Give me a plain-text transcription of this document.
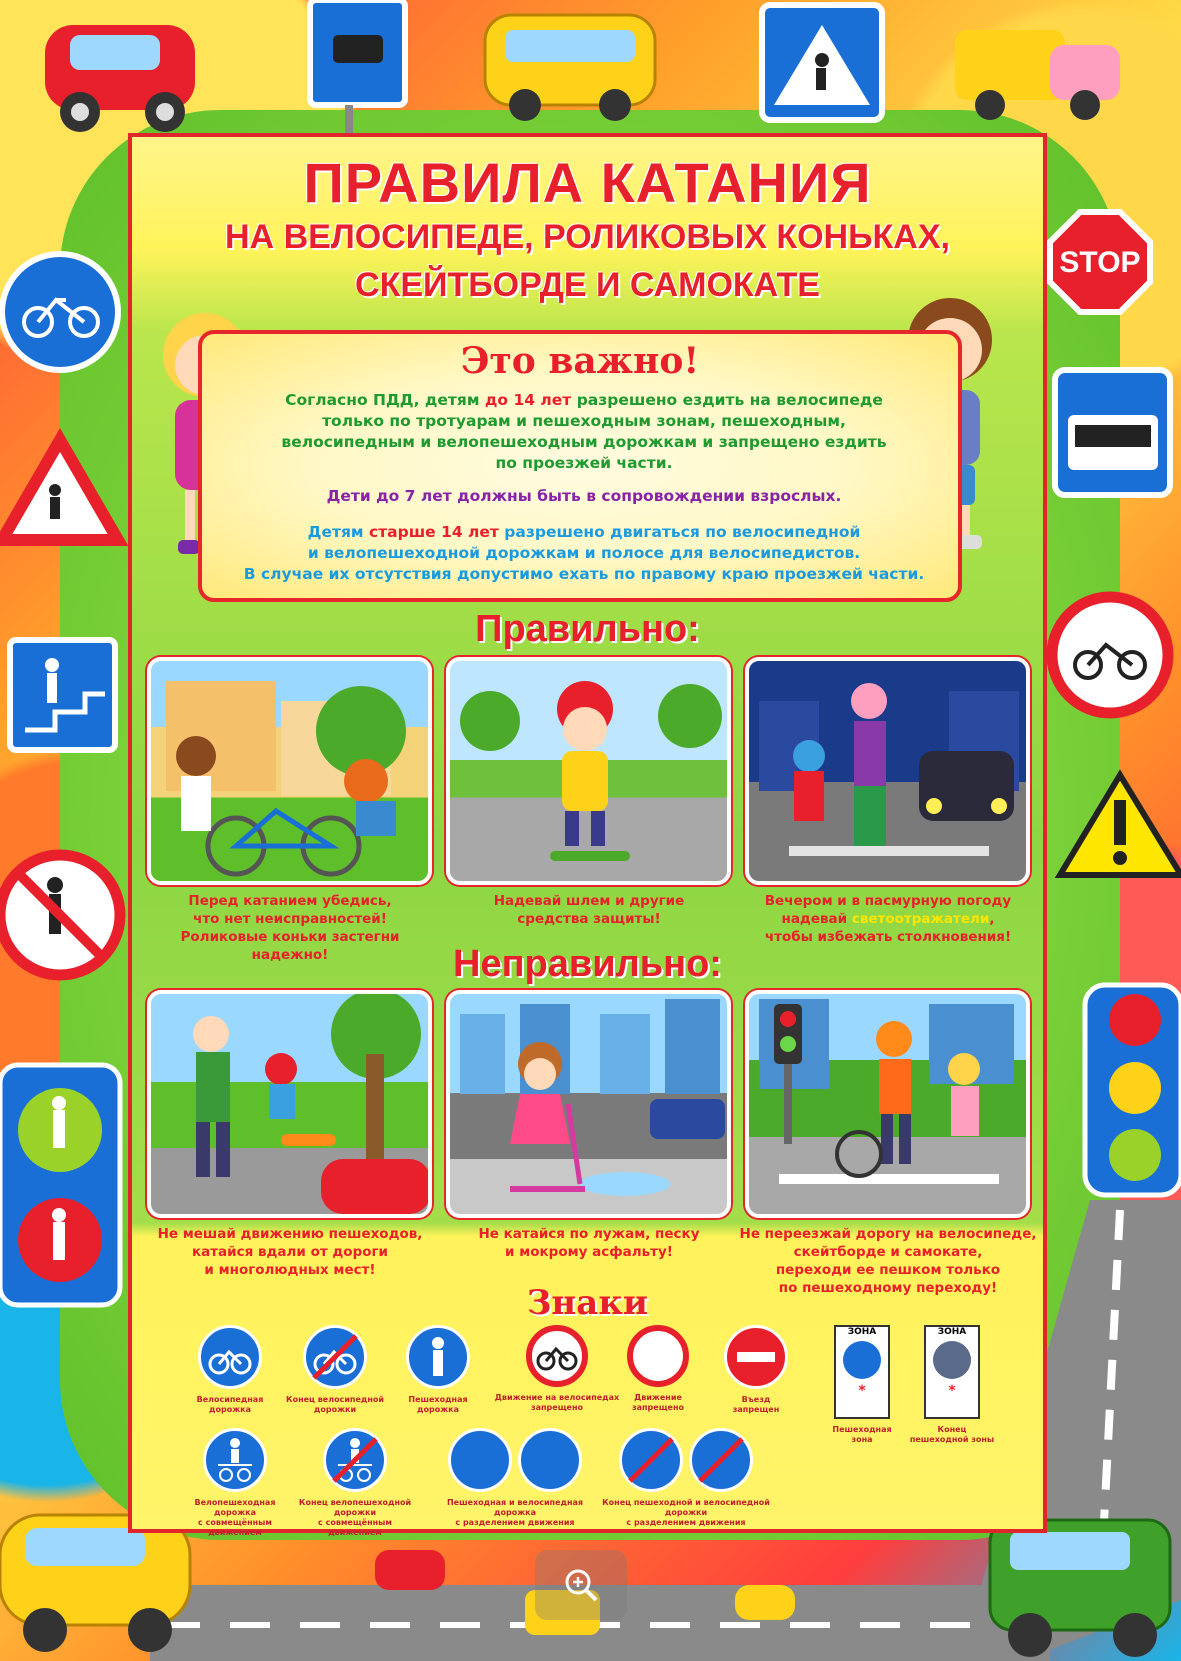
STOP
ПРАВИЛА КАТАНИЯ
НА ВЕЛОСИПЕДЕ, РОЛИКОВЫХ КОНЬКАХ,
СКЕЙТБОРДЕ И САМОКАТЕ
Это важно!
Согласно ПДД, детям до 14 лет разрешено ездить на велосипеде
только по тротуарам и пешеходным зонам, пешеходным,
велосипедным и велопешеходным дорожкам и запрещено ездить
по проезжей части.
Дети до 7 лет должны быть в сопровождении взрослых.
Детям старше 14 лет разрешено двигаться по велосипедной
и велопешеходной дорожкам и полосе для велосипедистов.
В случае их отсутствия допустимо ехать по правому краю проезжей части.
Правильно:
Перед катанием убедись,
что нет неисправностей!
Роликовые коньки застегни надежно!
Надевай шлем и другие
средства защиты!
Вечером и в пасмурную погоду
надевай светоотражатели,
чтобы избежать столкновения!
Неправильно:
Не мешай движению пешеходов,
катайся вдали от дороги
и многолюдных мест!
Не катайся по лужам, песку
и мокрому асфальту!
Не переезжай дорогу на велосипеде,
скейтборде и самокате,
переходи ее пешком только
по пешеходному переходу!
Знаки
Велосипедная
дорожка
Конец велосипедной
дорожки
Пешеходная
дорожка
Движение на велосипедах
запрещено
Движение
запрещено
Въезд
запрещен
ЗОНА
*
Пешеходная
зона
ЗОНА
*
Конец
пешеходной зоны
Велопешеходная дорожка
с совмещённым движением
Конец велопешеходной дорожки
с совмещённым движением
Пешеходная и велосипедная дорожка
с разделением движения
Конец пешеходной и велосипедной дорожки
с разделением движения
